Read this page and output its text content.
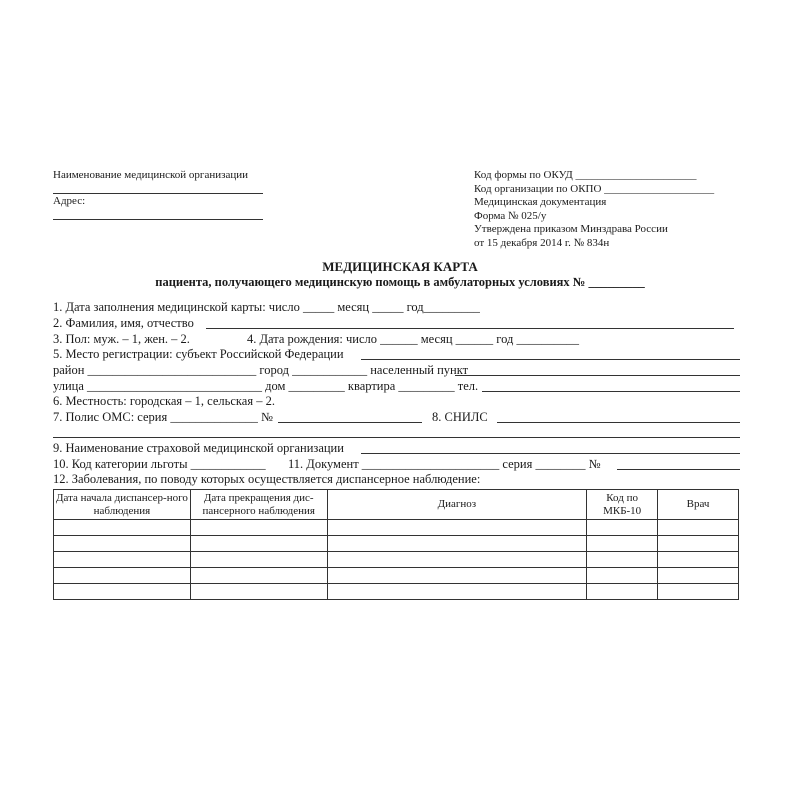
Наименование медицинской организации
Адрес:
Код формы по ОКУД ______________________
Код организации по ОКПО ____________________
Медицинская документация
Форма № 025/у
Утверждена приказом Минздрава России
от 15 декабря 2014 г. № 834н
МЕДИЦИНСКАЯ КАРТА
пациента, получающего медицинскую помощь в амбулаторных условиях № _________
1. Дата заполнения медицинской карты: число _____ месяц _____ год_________
2. Фамилия, имя, отчество
3. Пол: муж. – 1, жен. – 2.	4. Дата рождения: число ______ месяц ______ год __________
5. Место регистрации: субъект Российской Федерации
район ___________________________ город ____________ населенный пункт
улица ____________________________ дом _________ квартира _________ тел.
6. Местность: городская – 1, сельская – 2.
7. Полис ОМС: серия ______________ №	8. СНИЛС
9. Наименование страховой медицинской организации
10. Код категории льготы ____________ 11. Документ ______________________ серия ________ №
12. Заболевания, по поводу которых осуществляется диспансерное наблюдение:
Дата начала диспансер-ного наблюдения	Дата прекращения дис-пансерного наблюдения	Диагноз	Код по МКБ-10	Врач
